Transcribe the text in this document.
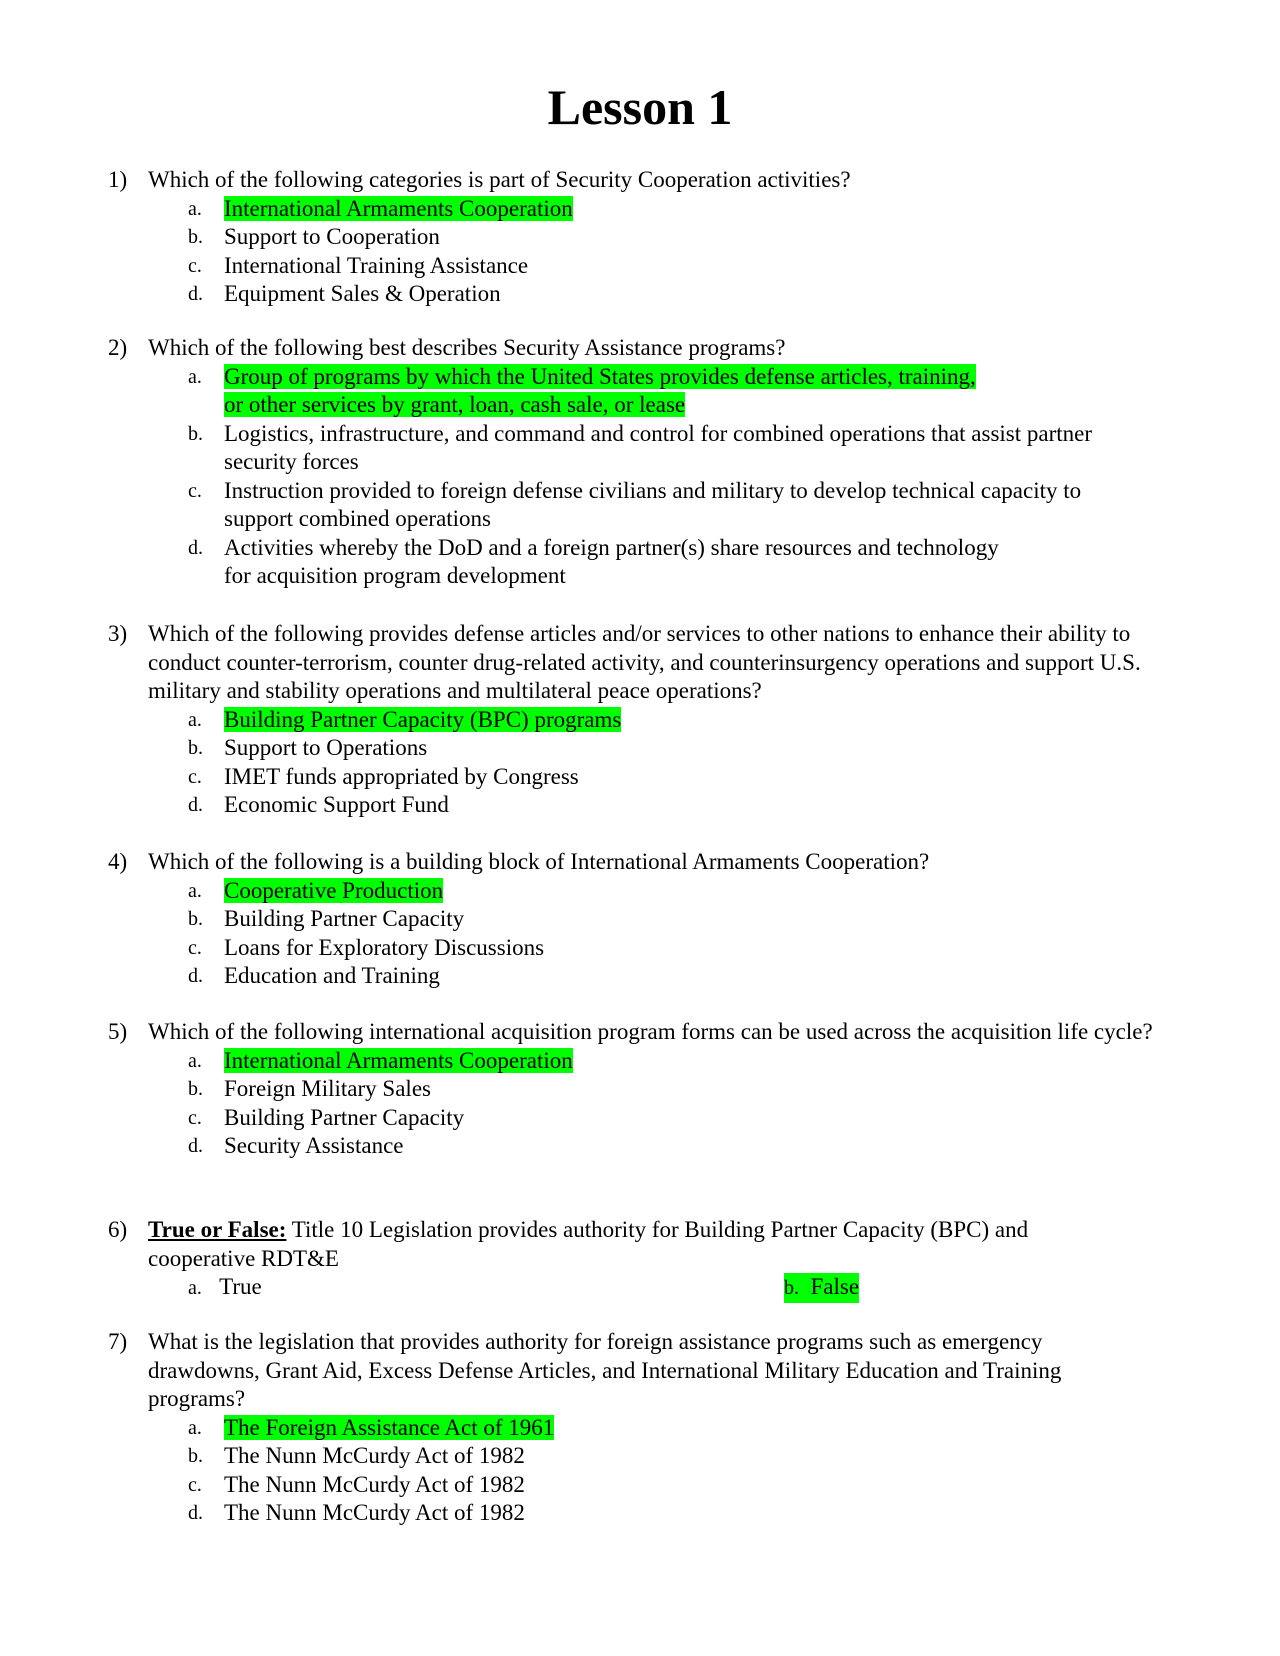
Lesson 1
1) Which of the following categories is part of Security Cooperation activities?
a. International Armaments Cooperation
b. Support to Cooperation
c. International Training Assistance
d. Equipment Sales & Operation
2) Which of the following best describes Security Assistance programs?
a. Group of programs by which the United States provides defense articles, training, or other services by grant, loan, cash sale, or lease
b. Logistics, infrastructure, and command and control for combined operations that assist partner security forces
c. Instruction provided to foreign defense civilians and military to develop technical capacity to support combined operations
d. Activities whereby the DoD and a foreign partner(s) share resources and technology for acquisition program development
3) Which of the following provides defense articles and/or services to other nations to enhance their ability to conduct counter-terrorism, counter drug-related activity, and counterinsurgency operations and support U.S. military and stability operations and multilateral peace operations?
a. Building Partner Capacity (BPC) programs
b. Support to Operations
c. IMET funds appropriated by Congress
d. Economic Support Fund
4) Which of the following is a building block of International Armaments Cooperation?
a. Cooperative Production
b. Building Partner Capacity
c. Loans for Exploratory Discussions
d. Education and Training
5) Which of the following international acquisition program forms can be used across the acquisition life cycle?
a. International Armaments Cooperation
b. Foreign Military Sales
c. Building Partner Capacity
d. Security Assistance
6) True or False: Title 10 Legislation provides authority for Building Partner Capacity (BPC) and cooperative RDT&E
a. True	b. False
7) What is the legislation that provides authority for foreign assistance programs such as emergency drawdowns, Grant Aid, Excess Defense Articles, and International Military Education and Training programs?
a. The Foreign Assistance Act of 1961
b. The Nunn McCurdy Act of 1982
c. The Nunn McCurdy Act of 1982
d. The Nunn McCurdy Act of 1982
